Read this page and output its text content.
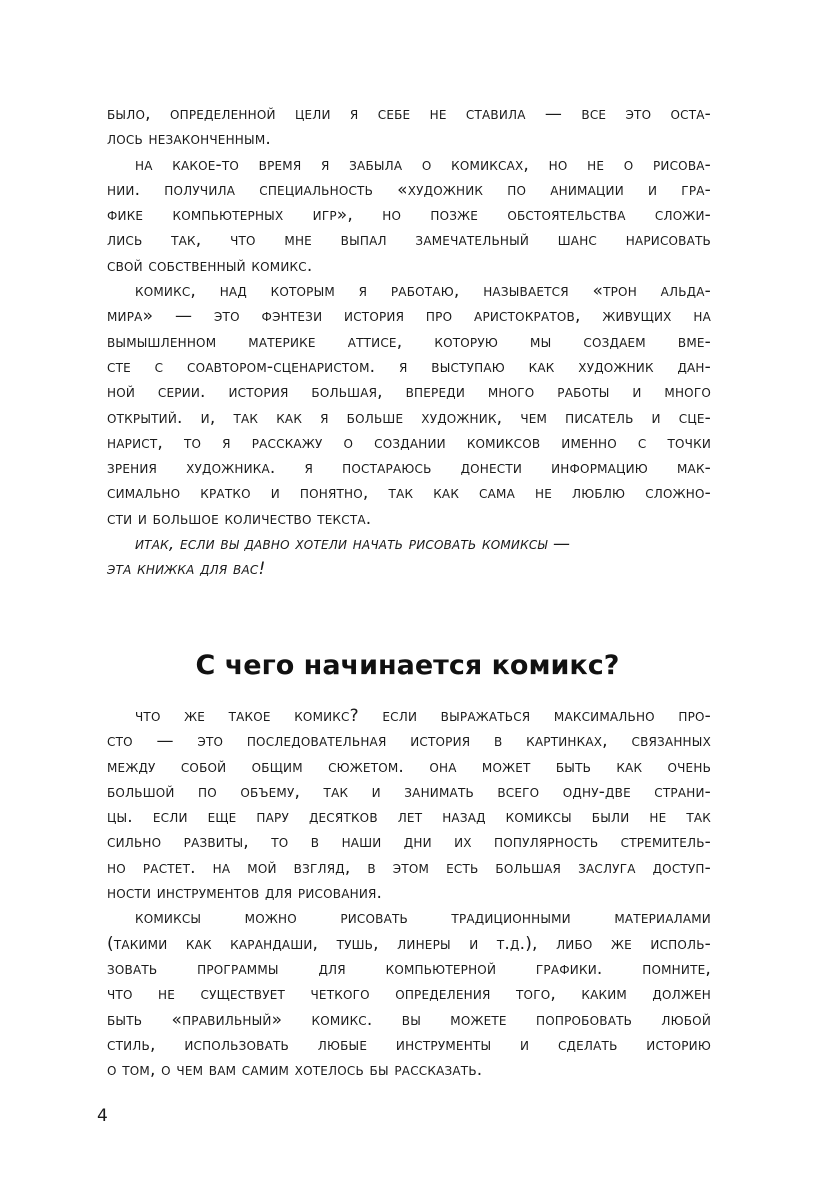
было, определенной цели я себе не ставила — все это оста-
лось незаконченным.
на какое-то время я забыла о комиксах, но не о рисова-
нии. получила специальность «художник по анимации и гра-
фике компьютерных игр», но позже обстоятельства сложи-
лись так, что мне выпал замечательный шанс нарисовать
свой собственный комикс.
комикс, над которым я работаю, называется «трон альда-
мира» — это фэнтези история про аристократов, живущих на
вымышленном материке аттисе, которую мы создаем вме-
сте с соавтором-сценаристом. я выступаю как художник дан-
ной серии. история большая, впереди много работы и много
открытий. и, так как я больше художник, чем писатель и сце-
нарист, то я расскажу о создании комиксов именно с точки
зрения художника. я постараюсь донести информацию мак-
симально кратко и понятно, так как сама не люблю сложно-
сти и большое количество текста.
итак, если вы давно хотели начать рисовать комиксы —
эта книжка для вас!
С чего начинается комикс?
что же такое комикс? если выражаться максимально про-
сто — это последовательная история в картинках, связанных
между собой общим сюжетом. она может быть как очень
большой по объему, так и занимать всего одну-две страни-
цы. если еще пару десятков лет назад комиксы были не так
сильно развиты, то в наши дни их популярность стремитель-
но растет. на мой взгляд, в этом есть большая заслуга доступ-
ности инструментов для рисования.
комиксы можно рисовать традиционными материалами
(такими как карандаши, тушь, линеры и т.д.), либо же исполь-
зовать программы для компьютерной графики. помните,
что не существует четкого определения того, каким должен
быть «правильный» комикс. вы можете попробовать любой
стиль, использовать любые инструменты и сделать историю
о том, о чем вам самим хотелось бы рассказать.
4
